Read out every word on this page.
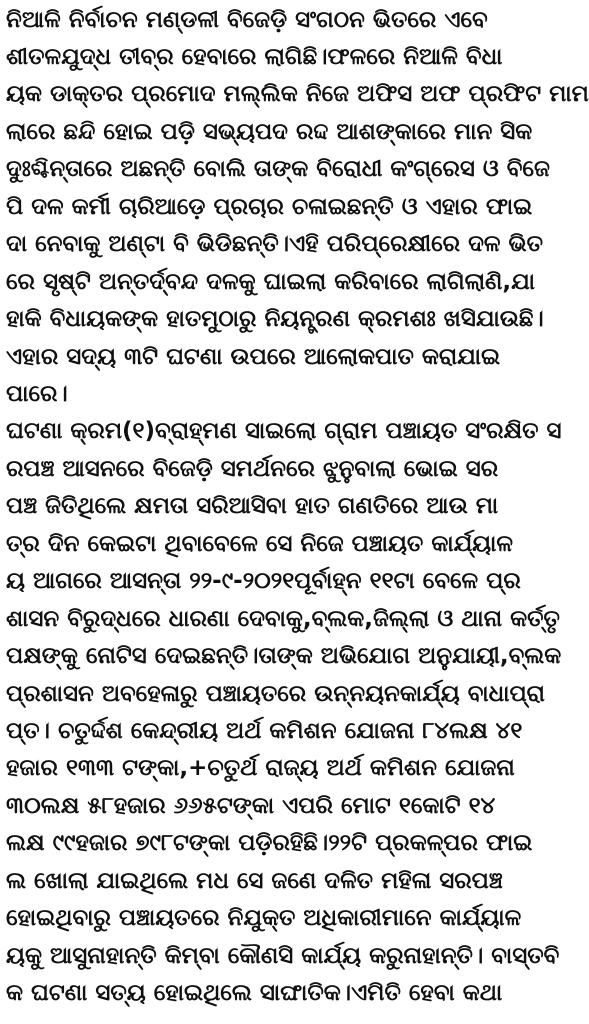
ନିଆଳି ନିର୍ବାଚନ ମଣ୍ଡଳୀ ବିଜେଡ଼ି ସଂଗଠନ ଭିତରେ ଏବେ
ଶୀତଳଯୁଦ୍ଧ ତୀବ୍ର ହେବାରେ ଲାଗିଛି।ଫଳରେ ନିଆଳି ବିଧା
ୟକ ଡାକ୍ତର ପ୍ରମୋଦ ମଲ୍ଲିକ ନିଜେ ଅଫିସ ଅଫ ପ୍ରଫିଟ ମାମ
ଲାରେ ଛନ୍ଦି ହୋଇ ପଡ଼ି ସଭ୍ୟପଦ ରଦ୍ଦ ଆଶଙ୍କାରେ ମାନ ସିକ
ଦୁଃଶ୍ଚିନ୍ତାରେ ଅଛନ୍ତି ବୋଲି ତାଙ୍କ ବିରୋଧୀ କଂଗ୍ରେସ ଓ ବିଜେ
ପି ଦଳ କର୍ମୀ ଚାରିଆଡ଼େ ପ୍ରଚାର ଚଳାଇଛନ୍ତି ଓ ଏହାର ଫାଇ
ଦା ନେବାକୁ ଅଣ୍ଟା ବି ଭିଡିଛନ୍ତି।ଏହି ପରିପ୍ରେକ୍ଷୀରେ ଦଳ ଭିତ
ରେ ସୃଷ୍ଟି ଅନ୍ତର୍ଦ୍ବନ୍ଦ ଦଳକୁ ଘାଇଲା କରିବାରେ ଲାଗିଲାଣି,ଯା
ହାକି ବିଧାୟକଙ୍କ ହାତମୁଠାରୁ ନିୟନ୍ତ୍ରଣ କ୍ରମଶଃ ଖସିଯାଉଛି।
ଏହାର ସଦ୍ୟ ୩ଟି ଘଟଣା ଉପରେ ଆଲୋକପାତ କରାଯାଇ
ପାରେ।
ଘଟଣା କ୍ରମ(୧)ବ୍ରାହ୍ମଣ ସାଇଲୋ ଗ୍ରାମ ପଞ୍ଚାୟତ ସଂରକ୍ଷିତ ସ
ରପଞ୍ଚ ଆସନରେ ବିଜେଡ଼ି ସମର୍ଥନରେ ଝୁନୁବାଲା ଭୋଇ ସର
ପଞ୍ଚ ଜିତିଥିଲେ କ୍ଷମତା ସରିଆସିବା ହାତ ଗଣତିରେ ଆଉ ମା
ତ୍ର ଦିନ କେଇଟା ଥିବାବେଳେ ସେ ନିଜେ ପଞ୍ଚାୟତ କାର୍ଯ୍ୟାଳ
ୟ ଆଗରେ ଆସନ୍ତା ୨୨-୯-୨୦୨୧ପୂର୍ବାହ୍ନ ୧୧ଟା ବେଳେ ପ୍ର
ଶାସନ ବିରୁଦ୍ଧରେ ଧାରଣା ଦେବାକୁ,ବ୍ଲକ,ଜିଲ୍ଲା ଓ ଥାନା କର୍ତ୍ତୃ
ପକ୍ଷଙ୍କୁ ନୋଟିସ ଦେଇଛନ୍ତି।ତାଙ୍କ ଅଭିଯୋଗ ଅନୁଯାୟୀ,ବ୍ଲକ
ପ୍ରଶାସନ ଅବହେଳାରୁ ପଞ୍ଚାୟତରେ ଉନ୍ନୟନକାର୍ଯ୍ୟ ବାଧାପ୍ରା
ପ୍ତ। ଚତୁର୍ଦ୍ଦଶ କେନ୍ଦ୍ରୀୟ ଅର୍ଥ କମିଶନ ଯୋଜନା ୮୪ଲକ୍ଷ ୪୧
ହଜାର ୧୩୩ ଟଙ୍କା,+ଚତୁର୍ଥ ରାଜ୍ୟ ଅର୍ଥ କମିଶନ ଯୋଜନା
୩୦ଲକ୍ଷ ୫୮ହଜାର ୬୬୫ଟଙ୍କା ଏପରି ମୋଟ ୧କୋଟି ୧୪
ଲକ୍ଷ ୯୯ହଜାର ୭୯୮ଟଙ୍କା ପଡ଼ିରହିଛି।୨୨ଟି ପ୍ରକଳ୍ପର ଫାଇ
ଲ ଖୋଲା ଯାଇଥିଲେ ମଧ ସେ ଜଣେ ଦଳିତ ମହିଳା ସରପଞ୍ଚ
ହୋଇଥିବାରୁ ପଞ୍ଚାୟତରେ ନିଯୁକ୍ତ ଅଧିକାରୀମାନେ କାର୍ଯ୍ୟାଳ
ୟକୁ ଆସୁନାହାନ୍ତି କିମ୍ବା କୌଣସି କାର୍ଯ୍ୟ କରୁନାହାନ୍ତି। ବାସ୍ତବି
କ ଘଟଣା ସତ୍ୟ ହୋଇଥିଲେ ସାଙ୍ଘାତିକ।ଏମିତି ହେବା କଥା
